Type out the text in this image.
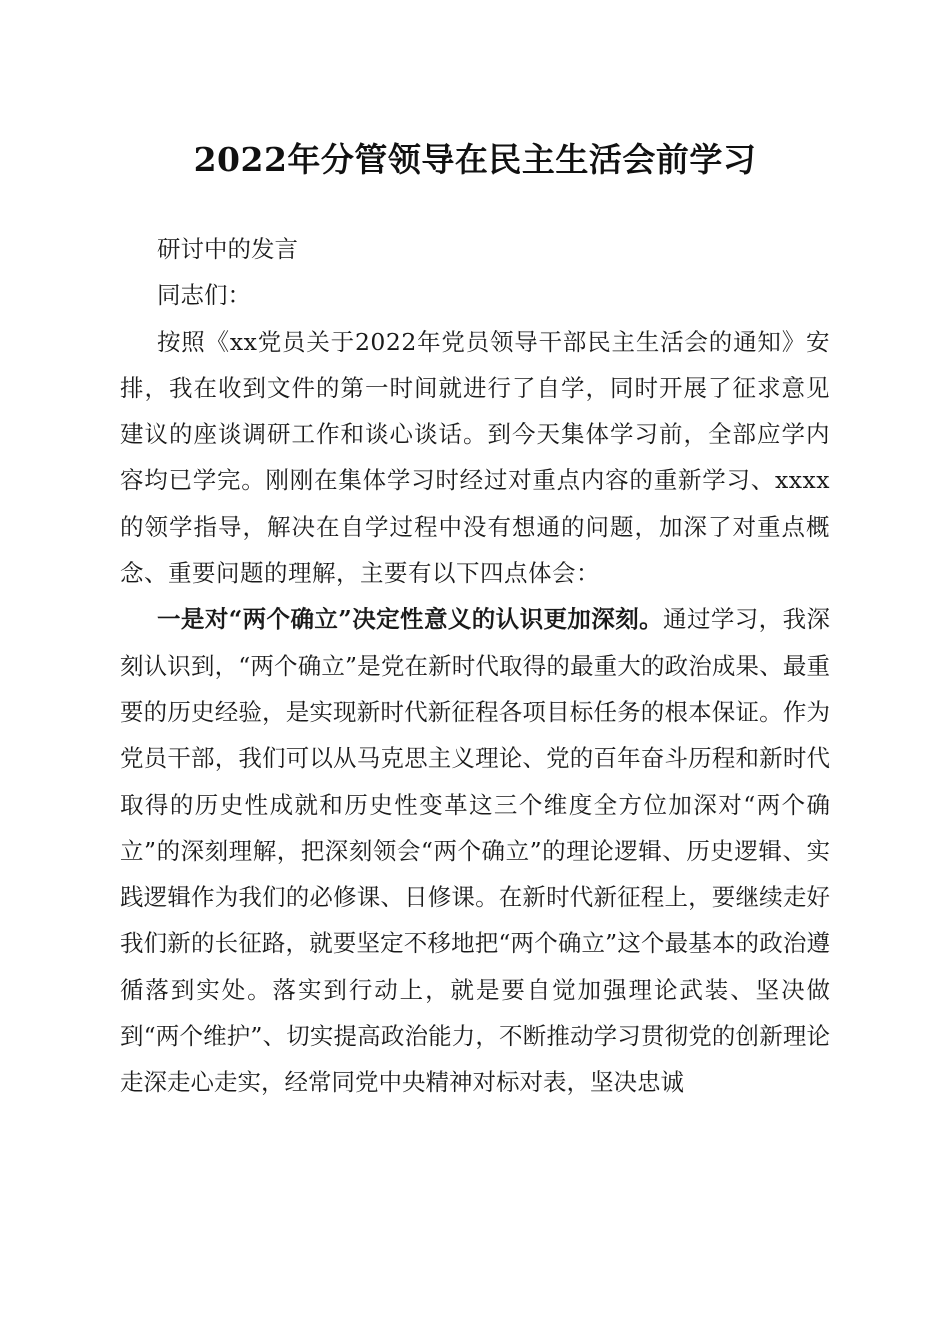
2022年分管领导在民主生活会前学习

研讨中的发言

同志们：

按照《xx党员关于2022年党员领导干部民主生活会的通知》安排，我在收到文件的第一时间就进行了自学，同时开展了征求意见建议的座谈调研工作和谈心谈话。到今天集体学习前，全部应学内容均已学完。刚刚在集体学习时经过对重点内容的重新学习、xxxx的领学指导，解决在自学过程中没有想通的问题，加深了对重点概念、重要问题的理解，主要有以下四点体会：

一是对“两个确立”决定性意义的认识更加深刻。通过学习，我深刻认识到，“两个确立”是党在新时代取得的最重大的政治成果、最重要的历史经验，是实现新时代新征程各项目标任务的根本保证。作为党员干部，我们可以从马克思主义理论、党的百年奋斗历程和新时代取得的历史性成就和历史性变革这三个维度全方位加深对“两个确立”的深刻理解，把深刻领会“两个确立”的理论逻辑、历史逻辑、实践逻辑作为我们的必修课、日修课。在新时代新征程上，要继续走好我们新的长征路，就要坚定不移地把“两个确立”这个最基本的政治遵循落到实处。落实到行动上，就是要自觉加强理论武装、坚决做到“两个维护”、切实提高政治能力，不断推动学习贯彻党的创新理论走深走心走实，经常同党中央精神对标对表，坚决忠诚
